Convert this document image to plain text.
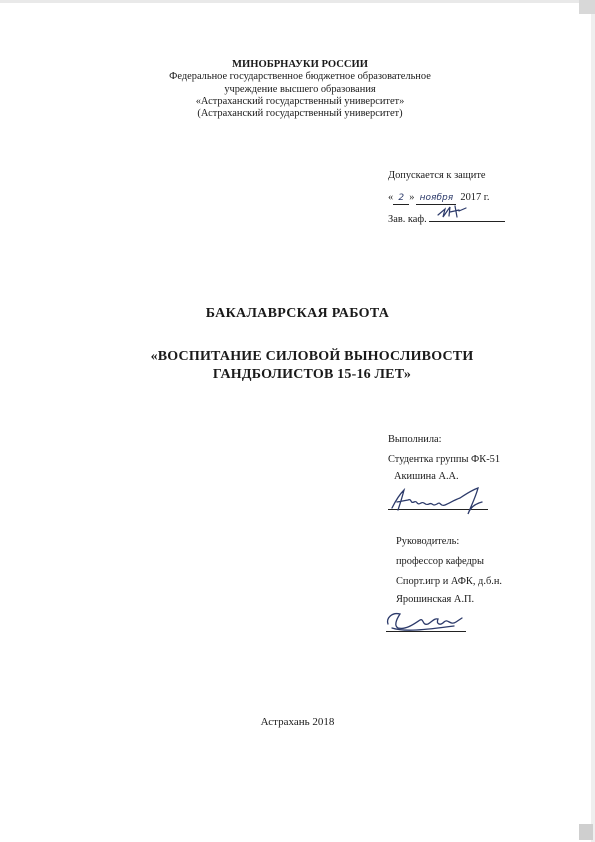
МИНОБРНАУКИ РОССИИ
Федеральное государственное бюджетное образовательное
учреждение высшего образования
«Астраханский государственный университет»
(Астраханский государственный университет)
Допускается к защите
« 2 » ноября 2017 г.
Зав. каф.
БАКАЛАВРСКАЯ РАБОТА
«ВОСПИТАНИЕ СИЛОВОЙ ВЫНОСЛИВОСТИ
ГАНДБОЛИСТОВ 15-16 ЛЕТ»
Выполнила:
Студентка группы ФК-51
Акишина А.А.
Руководитель:
профессор кафедры
Спорт.игр и АФК, д.б.н.
Ярошинская А.П.
Астрахань 2018
